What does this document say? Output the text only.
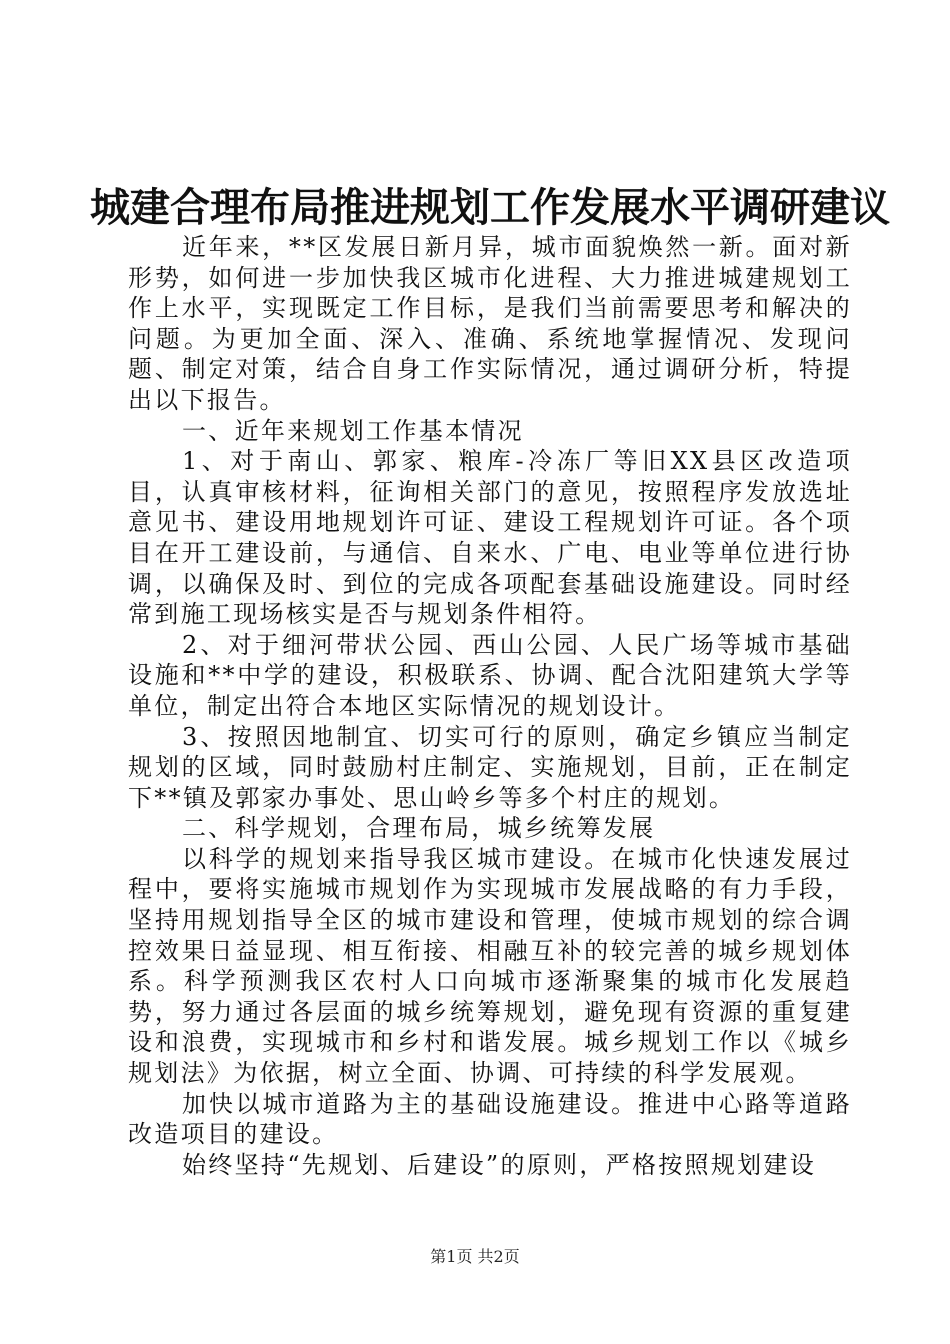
城建合理布局推进规划工作发展水平调研建议

近年来，**区发展日新月异，城市面貌焕然一新。面对新形势，如何进一步加快我区城市化进程、大力推进城建规划工作上水平，实现既定工作目标，是我们当前需要思考和解决的问题。为更加全面、深入、准确、系统地掌握情况、发现问题、制定对策，结合自身工作实际情况，通过调研分析，特提出以下报告。

一、近年来规划工作基本情况

1、对于南山、郭家、粮库-冷冻厂等旧XX县区改造项目，认真审核材料，征询相关部门的意见，按照程序发放选址意见书、建设用地规划许可证、建设工程规划许可证。各个项目在开工建设前，与通信、自来水、广电、电业等单位进行协调，以确保及时、到位的完成各项配套基础设施建设。同时经常到施工现场核实是否与规划条件相符。

2、对于细河带状公园、西山公园、人民广场等城市基础设施和**中学的建设，积极联系、协调、配合沈阳建筑大学等单位，制定出符合本地区实际情况的规划设计。

3、按照因地制宜、切实可行的原则，确定乡镇应当制定规划的区域，同时鼓励村庄制定、实施规划，目前，正在制定下**镇及郭家办事处、思山岭乡等多个村庄的规划。

二、科学规划，合理布局，城乡统筹发展

以科学的规划来指导我区城市建设。在城市化快速发展过程中，要将实施城市规划作为实现城市发展战略的有力手段，坚持用规划指导全区的城市建设和管理，使城市规划的综合调控效果日益显现、相互衔接、相融互补的较完善的城乡规划体系。科学预测我区农村人口向城市逐渐聚集的城市化发展趋势，努力通过各层面的城乡统筹规划，避免现有资源的重复建设和浪费，实现城市和乡村和谐发展。城乡规划工作以《城乡规划法》为依据，树立全面、协调、可持续的科学发展观。

加快以城市道路为主的基础设施建设。推进中心路等道路改造项目的建设。

始终坚持“先规划、后建设”的原则，严格按照规划建设

第1页 共2页
